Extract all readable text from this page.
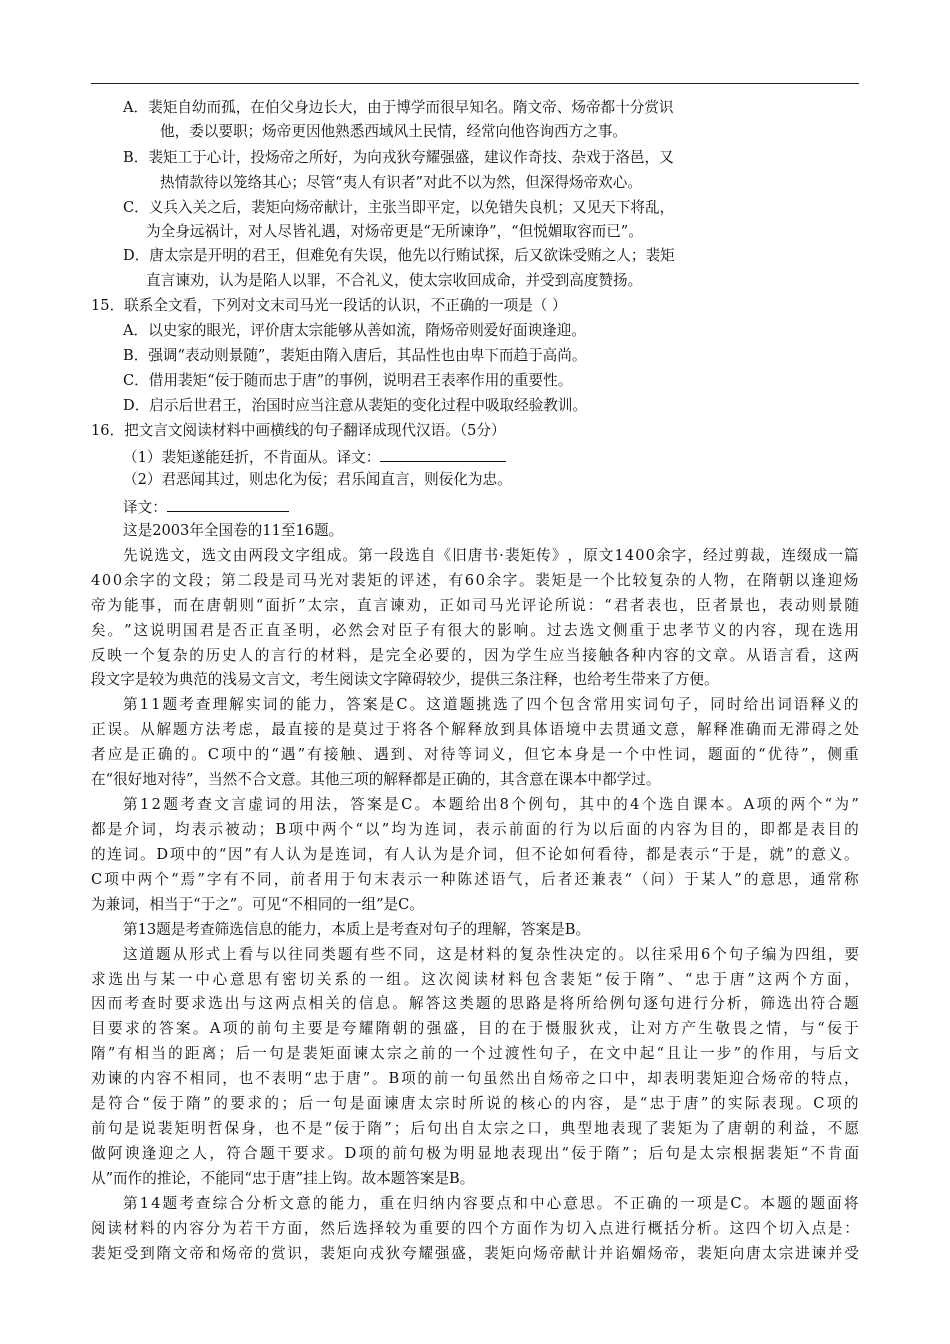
A．裴矩自幼而孤，在伯父身边长大，由于博学而很早知名。隋文帝、炀帝都十分赏识
他，委以要职；炀帝更因他熟悉西域风土民情，经常向他咨询西方之事。
B．裴矩工于心计，投炀帝之所好，为向戎狄夸耀强盛，建议作奇技、杂戏于洛邑，又
热情款待以笼络其心；尽管“夷人有识者”对此不以为然，但深得炀帝欢心。
C．义兵入关之后，裴矩向炀帝献计，主张当即平定，以免错失良机；又见天下将乱，
为全身远祸计，对人尽皆礼遇，对炀帝更是“无所谏诤”，“但悦媚取容而已”。
D．唐太宗是开明的君王，但难免有失误，他先以行贿试探，后又欲诛受贿之人；裴矩
直言谏劝，认为是陷人以罪，不合礼义，使太宗收回成命，并受到高度赞扬。
15．联系全文看，下列对文末司马光一段话的认识，不正确的一项是（ ）
A．以史家的眼光，评价唐太宗能够从善如流，隋炀帝则爱好面谀逢迎。
B．强调“表动则景随”，裴矩由隋入唐后，其品性也由卑下而趋于高尚。
C．借用裴矩“佞于随而忠于唐”的事例，说明君王表率作用的重要性。
D．启示后世君王，治国时应当注意从裴矩的变化过程中吸取经验教训。
16．把文言文阅读材料中画横线的句子翻译成现代汉语。（5分）
（1）裴矩遂能廷折，不肯面从。译文：
（2）君恶闻其过，则忠化为佞；君乐闻直言，则佞化为忠。
译文：
这是2003年全国卷的11至16题。
先 说 选 文 ， 选 文 由 两 段 文 字 组 成 。 第 一 段 选 自 《 旧 唐 书 · 裴 矩 传 》 ， 原 文 1 4 0 0 余 字 ， 经 过 剪 裁 ， 连 缀 成 一 篇
4 0 0 余 字 的 文 段 ； 第 二 段 是 司 马 光 对 裴 矩 的 评 述 ， 有 6 0 余 字 。 裴 矩 是 一 个 比 较 复 杂 的 人 物 ， 在 隋 朝 以 逢 迎 炀
帝 为 能 事 ， 而 在 唐 朝 则 “ 面 折 ” 太 宗 ， 直 言 谏 劝 ， 正 如 司 马 光 评 论 所 说 ： “ 君 者 表 也 ， 臣 者 景 也 ， 表 动 则 景 随
矣 。 ” 这 说 明 国 君 是 否 正 直 圣 明 ， 必 然 会 对 臣 子 有 很 大 的 影 响 。 过 去 选 文 侧 重 于 忠 孝 节 义 的 内 容 ， 现 在 选 用
反 映 一 个 复 杂 的 历 史 人 的 言 行 的 材 料 ， 是 完 全 必 要 的 ， 因 为 学 生 应 当 接 触 各 种 内 容 的 文 章 。 从 语 言 看 ， 这 两
段文字是较为典范的浅易文言文，考生阅读文字障碍较少，提供三条注释，也给考生带来了方便。
第 1 1 题 考 查 理 解 实 词 的 能 力 ， 答 案 是 C 。 这 道 题 挑 选 了 四 个 包 含 常 用 实 词 句 子 ， 同 时 给 出 词 语 释 义 的
正 误 。 从 解 题 方 法 考 虑 ， 最 直 接 的 是 莫 过 于 将 各 个 解 释 放 到 具 体 语 境 中 去 贯 通 文 意 ， 解 释 准 确 而 无 滞 碍 之 处
者 应 是 正 确 的 。 C 项 中 的 “ 遇 ” 有 接 触 、 遇 到 、 对 待 等 词 义 ， 但 它 本 身 是 一 个 中 性 词 ， 题 面 的 “ 优 待 ” ， 侧 重
在“很好地对待”，当然不合文意。其他三项的解释都是正确的，其含意在课本中都学过。
第 1 2 题 考 查 文 言 虚 词 的 用 法 ， 答 案 是 C 。 本 题 给 出 8 个 例 句 ， 其 中 的 4 个 选 自 课 本 。 A 项 的 两 个 “ 为 ”
都 是 介 词 ， 均 表 示 被 动 ； B 项 中 两 个 “ 以 ” 均 为 连 词 ， 表 示 前 面 的 行 为 以 后 面 的 内 容 为 目 的 ， 即 都 是 表 目 的
的 连 词 。 D 项 中 的 “ 因 ” 有 人 认 为 是 连 词 ， 有 人 认 为 是 介 词 ， 但 不 论 如 何 看 待 ， 都 是 表 示 “ 于 是 ， 就 ” 的 意 义 。
C 项 中 两 个 “ 焉 ” 字 有 不 同 ， 前 者 用 于 句 末 表 示 一 种 陈 述 语 气 ， 后 者 还 兼 表 “ （ 问 ） 于 某 人 ” 的 意 思 ， 通 常 称
为兼词，相当于“于之”。可见“不相同的一组”是C。
第13题是考查筛选信息的能力，本质上是考查对句子的理解，答案是B。
这 道 题 从 形 式 上 看 与 以 往 同 类 题 有 些 不 同 ， 这 是 材 料 的 复 杂 性 决 定 的 。 以 往 采 用 6 个 句 子 编 为 四 组 ， 要
求 选 出 与 某 一 中 心 意 思 有 密 切 关 系 的 一 组 。 这 次 阅 读 材 料 包 含 裴 矩 “ 佞 于 隋 ” 、 “ 忠 于 唐 ” 这 两 个 方 面 ，
因 而 考 查 时 要 求 选 出 与 这 两 点 相 关 的 信 息 。 解 答 这 类 题 的 思 路 是 将 所 给 例 句 逐 句 进 行 分 析 ， 筛 选 出 符 合 题
目 要 求 的 答 案 。 A 项 的 前 句 主 要 是 夸 耀 隋 朝 的 强 盛 ， 目 的 在 于 慑 服 狄 戎 ， 让 对 方 产 生 敬 畏 之 情 ， 与 “ 佞 于
隋 ” 有 相 当 的 距 离 ； 后 一 句 是 裴 矩 面 谏 太 宗 之 前 的 一 个 过 渡 性 句 子 ， 在 文 中 起 “ 且 让 一 步 ” 的 作 用 ， 与 后 文
劝 谏 的 内 容 不 相 同 ， 也 不 表 明 “ 忠 于 唐 ” 。 B 项 的 前 一 句 虽 然 出 自 炀 帝 之 口 中 ， 却 表 明 裴 矩 迎 合 炀 帝 的 特 点 ，
是 符 合 “ 佞 于 隋 ” 的 要 求 的 ； 后 一 句 是 面 谏 唐 太 宗 时 所 说 的 核 心 的 内 容 ， 是 “ 忠 于 唐 ” 的 实 际 表 现 。 C 项 的
前 句 是 说 裴 矩 明 哲 保 身 ， 也 不 是 “ 佞 于 隋 ” ； 后 句 出 自 太 宗 之 口 ， 典 型 地 表 现 了 裴 矩 为 了 唐 朝 的 利 益 ， 不 愿
做 阿 谀 逢 迎 之 人 ， 符 合 题 干 要 求 。 D 项 的 前 句 极 为 明 显 地 表 现 出 “ 佞 于 隋 ” ； 后 句 是 太 宗 根 据 裴 矩 “ 不 肯 面
从”而作的推论，不能同“忠于唐”挂上钩。故本题答案是B。
第 1 4 题 考 查 综 合 分 析 文 意 的 能 力 ， 重 在 归 纳 内 容 要 点 和 中 心 意 思 。 不 正 确 的 一 项 是 C 。 本 题 的 题 面 将
阅 读 材 料 的 内 容 分 为 若 干 方 面 ， 然 后 选 择 较 为 重 要 的 四 个 方 面 作 为 切 入 点 进 行 概 括 分 析 。 这 四 个 切 入 点 是 ：
裴 矩 受 到 隋 文 帝 和 炀 帝 的 赏 识 ， 裴 矩 向 戎 狄 夸 耀 强 盛 ， 裴 矩 向 炀 帝 献 计 并 谄 媚 炀 帝 ， 裴 矩 向 唐 太 宗 进 谏 并 受
